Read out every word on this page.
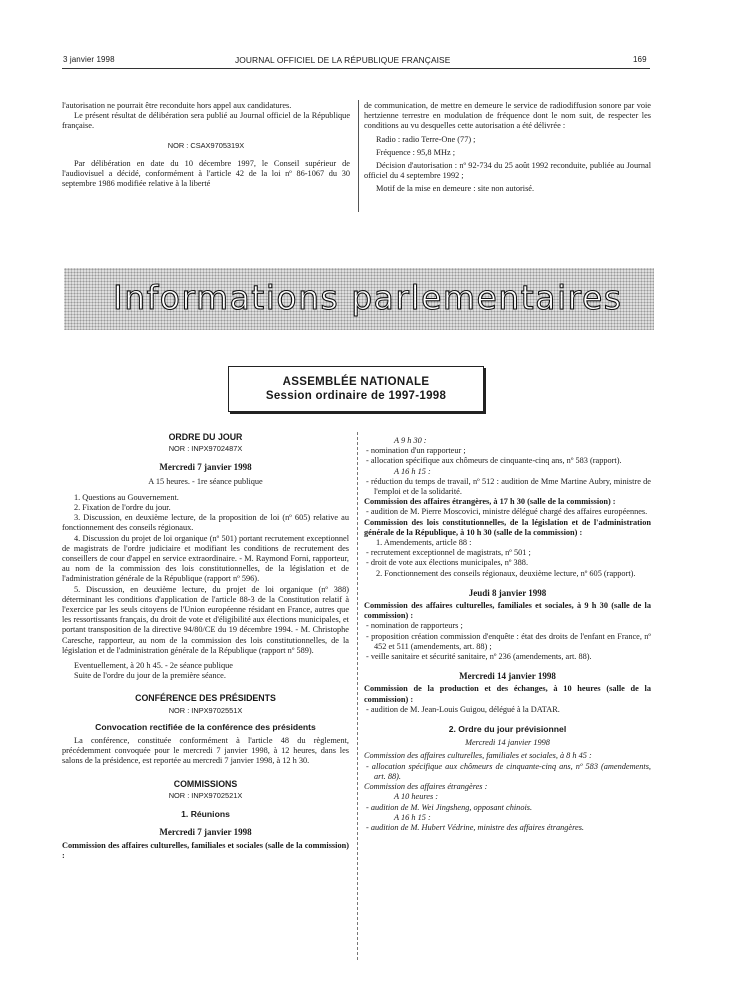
3 janvier 1998	JOURNAL OFFICIEL DE LA RÉPUBLIQUE FRANÇAISE	169

l'autorisation ne pourrait être reconduite hors appel aux candidatures.

Le présent résultat de délibération sera publié au Journal officiel de la République française.

NOR : CSAX9705319X

Par délibération en date du 10 décembre 1997, le Conseil supérieur de l'audiovisuel a décidé, conformément à l'article 42 de la loi nº 86-1067 du 30 septembre 1986 modifiée relative à la liberté

de communication, de mettre en demeure le service de radiodiffusion sonore par voie hertzienne terrestre en modulation de fréquence dont le nom suit, de respecter les conditions au vu desquelles cette autorisation a été délivrée :

Radio : radio Terre-One (77) ;

Fréquence : 95,8 MHz ;

Décision d'autorisation : nº 92-734 du 25 août 1992 reconduite, publiée au Journal officiel du 4 septembre 1992 ;

Motif de la mise en demeure : site non autorisé.

Informations parlementaires
ASSEMBLÉE NATIONALE
Session ordinaire de 1997-1998
ORDRE DU JOUR
NOR : INPX9702487X
Mercredi 7 janvier 1998

A 15 heures. - 1re séance publique

1. Questions au Gouvernement.

2. Fixation de l'ordre du jour.

3. Discussion, en deuxième lecture, de la proposition de loi (nº 605) relative au fonctionnement des conseils régionaux.

4. Discussion du projet de loi organique (nº 501) portant recrutement exceptionnel de magistrats de l'ordre judiciaire et modifiant les conditions de recrutement des conseillers de cour d'appel en service extraordinaire. - M. Raymond Forni, rapporteur, au nom de la commission des lois constitutionnelles, de la législation et de l'administration générale de la République (rapport nº 596).

5. Discussion, en deuxième lecture, du projet de loi organique (nº 388) déterminant les conditions d'application de l'article 88-3 de la Constitution relatif à l'exercice par les seuls citoyens de l'Union européenne résidant en France, autres que les ressortissants français, du droit de vote et d'éligibilité aux élections municipales, et portant transposition de la directive 94/80/CE du 19 décembre 1994. - M. Christophe Caresche, rapporteur, au nom de la commission des lois constitutionnelles, de la législation et de l'administration générale de la République (rapport nº 589).

Eventuellement, à 20 h 45. - 2e séance publique

Suite de l'ordre du jour de la première séance.

CONFÉRENCE DES PRÉSIDENTS
NOR : INPX9702551X
Convocation rectifiée de la conférence des présidents

La conférence, constituée conformément à l'article 48 du règlement, précédemment convoquée pour le mercredi 7 janvier 1998, à 12 heures, dans les salons de la présidence, est reportée au mercredi 7 janvier 1998, à 12 h 30.

COMMISSIONS
NOR : INPX9702521X
1. Réunions
Mercredi 7 janvier 1998

Commission des affaires culturelles, familiales et sociales (salle de la commission) :

A 9 h 30 :

- nomination d'un rapporteur ;

- allocation spécifique aux chômeurs de cinquante-cinq ans, nº 583 (rapport).

A 16 h 15 :

- réduction du temps de travail, nº 512 : audition de Mme Martine Aubry, ministre de l'emploi et de la solidarité.

Commission des affaires étrangères, à 17 h 30 (salle de la commission) :

- audition de M. Pierre Moscovici, ministre délégué chargé des affaires européennes.

Commission des lois constitutionnelles, de la législation et de l'administration générale de la République, à 10 h 30 (salle de la commission) :

1. Amendements, article 88 :

- recrutement exceptionnel de magistrats, nº 501 ;

- droit de vote aux élections municipales, nº 388.

2. Fonctionnement des conseils régionaux, deuxième lecture, nº 605 (rapport).

Jeudi 8 janvier 1998

Commission des affaires culturelles, familiales et sociales, à 9 h 30 (salle de la commission) :

- nomination de rapporteurs ;

- proposition création commission d'enquête : état des droits de l'enfant en France, nº 452 et 511 (amendements, art. 88) ;

- veille sanitaire et sécurité sanitaire, nº 236 (amendements, art. 88).

Mercredi 14 janvier 1998

Commission de la production et des échanges, à 10 heures (salle de la commission) :

- audition de M. Jean-Louis Guigou, délégué à la DATAR.

2. Ordre du jour prévisionnel

Mercredi 14 janvier 1998

Commission des affaires culturelles, familiales et sociales, à 8 h 45 :

- allocation spécifique aux chômeurs de cinquante-cinq ans, nº 583 (amendements, art. 88).

Commission des affaires étrangères :

A 10 heures :

- audition de M. Wei Jingsheng, opposant chinois.

A 16 h 15 :

- audition de M. Hubert Védrine, ministre des affaires étrangères.
